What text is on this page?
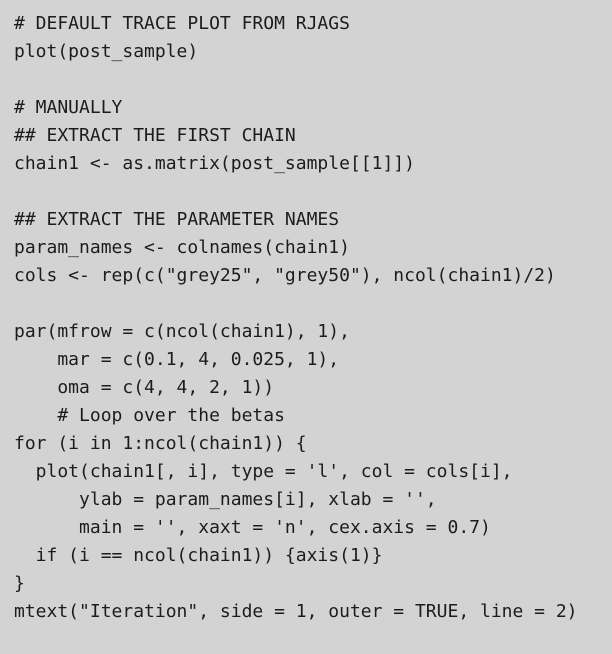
# DEFAULT TRACE PLOT FROM RJAGS
plot(post_sample)
# MANUALLY
## EXTRACT THE FIRST CHAIN
chain1 <- as.matrix(post_sample[[1]])
## EXTRACT THE PARAMETER NAMES
param_names <- colnames(chain1)
cols <- rep(c("grey25", "grey50"), ncol(chain1)/2)
par(mfrow = c(ncol(chain1), 1),
mar = c(0.1, 4, 0.025, 1),
oma = c(4, 4, 2, 1))
# Loop over the betas
for (i in 1:ncol(chain1)) {
plot(chain1[, i], type = 'l', col = cols[i],
ylab = param_names[i], xlab = '',
main = '', xaxt = 'n', cex.axis = 0.7)
if (i == ncol(chain1)) {axis(1)}
}
mtext("Iteration", side = 1, outer = TRUE, line = 2)
